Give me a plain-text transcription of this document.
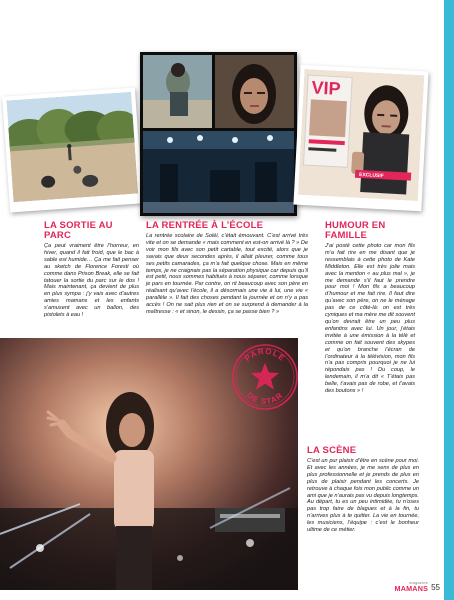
VIP
EXCLUSIF
LA SORTIE AU PARC

Ça peut vraiment être l’horreur, en hiver, quand il fait froid, que le bac à sable est humide… Ça me fait penser au sketch de Florence Foresti où comme dans Prison Break, elle se fait tatouer la sortie du parc sur le dos ! Mais maintenant, ça devient de plus en plus sympa : j’y vais avec d’autres amies mamans et les enfants s’amusent avec un ballon, des pistolets à eau !

LA RENTRÉE À L’ÉCOLE

La rentrée scolaire de Soléi, c’était émouvant. C’est arrivé très vite et on se demande « mais comment en est-on arrivé là ? » De voir mon fils avec son petit cartable, tout excité, alors que je savais que deux secondes après, il allait pleurer, comme tous ses petits camarades, ça m’a fait quelque chose. Mais en même temps, je ne craignais pas la séparation physique car depuis qu’il est petit, nous sommes habitués à nous séparer, comme lorsque je pars en tournée. Par contre, on rit beaucoup avec son père en réalisant qu’avec l’école, il a désormais une vie à lui, une vie « parallèle ». Il fait des choses pendant la journée et on n’y a pas accès ! On ne sait plus rien et on se surprend à demander à la maîtresse : « et sinon, le dessin, ça se passe bien ? »

HUMOUR EN FAMILLE

J’ai posté cette photo car mon fils m’a fait rire en me disant que je ressemblais à cette photo de Kate Middleton. Elle est très jolie mais avec la mention « au plus mal », je me demande s’il faut le prendre pour moi ! Mon fils a beaucoup d’humour et me fait rire. Il faut dire qu’avec son père, on ne le ménage pas de ce côté-là: on est très cyniques et ma mère me dit souvent qu’on devrait être un peu plus enfantins avec lui. Un jour, j’étais invitée à une émission à la télé et comme on fait souvent des skypes et qu’on branche l’écran de l’ordinateur à la télévision, mon fils n’a pas compris pourquoi je ne lui répondais pas ! Du coup, le lendemain, il m’a dit « T’étais pas belle, t’avais pas de robe, et t’avais des boutons » !

PAROLE
DE STAR
LA SCÈNE

C’est un pur plaisir d’être en scène pour moi. Et avec les années, je me sens de plus en plus professionnelle et je prends de plus en plus de plaisir pendant les concerts. Je retrouve à chaque fois mon public comme un ami que je n’aurais pas vu depuis longtemps. Au départ, tu es un peu intimidée, tu n’oses pas trop faire de blagues et à la fin, tu n’arrives plus à te quitter. La vie en tournée, les musiciens, l’équipe : c’est le bonheur ultime de ce métier.

magazine
MAMANS 55
